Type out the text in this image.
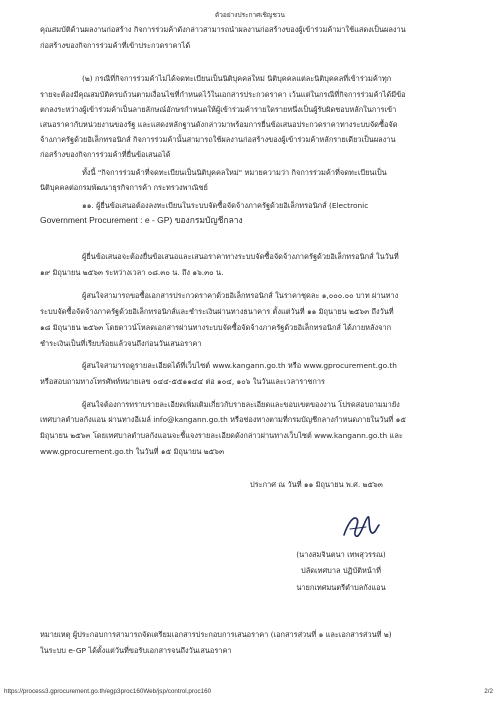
ตัวอย่างประกาศเชิญชวน

คุณสมบัติด้านผลงานก่อสร้าง กิจการร่วมค้าดังกล่าวสามารถนำผลงานก่อสร้างของผู้เข้าร่วมค้ามาใช้แสดงเป็นผลงาน

ก่อสร้างของกิจการร่วมค้าที่เข้าประกวดราคาได้

(๒) กรณีที่กิจการร่วมค้าไม่ได้จดทะเบียนเป็นนิติบุคคลใหม่ นิติบุคคลแต่ละนิติบุคคลที่เข้าร่วมค้าทุก

รายจะต้องมีคุณสมบัติครบถ้วนตามเงื่อนไขที่กำหนดไว้ในเอกสารประกวดราคา เว้นแต่ในกรณีที่กิจการร่วมค้าได้มีข้อ

ตกลงระหว่างผู้เข้าร่วมค้าเป็นลายลักษณ์อักษรกำหนดให้ผู้เข้าร่วมค้ารายใดรายหนึ่งเป็นผู้รับผิดชอบหลักในการเข้า

เสนอราคากับหน่วยงานของรัฐ และแสดงหลักฐานดังกล่าวมาพร้อมการยื่นข้อเสนอประกวดราคาทางระบบจัดซื้อจัด

จ้างภาครัฐด้วยอิเล็กทรอนิกส์ กิจการร่วมค้านั้นสามารถใช้ผลงานก่อสร้างของผู้เข้าร่วมค้าหลักรายเดียวเป็นผลงาน

ก่อสร้างของกิจการร่วมค้าที่ยื่นข้อเสนอได้

ทั้งนี้ "กิจการร่วมค้าที่จดทะเบียนเป็นนิติบุคคลใหม่" หมายความว่า กิจการร่วมค้าที่จดทะเบียนเป็น

นิติบุคคลต่อกรมพัฒนาธุรกิจการค้า กระทรวงพาณิชย์

๑๑. ผู้ยื่นข้อเสนอต้องลงทะเบียนในระบบจัดซื้อจัดจ้างภาครัฐด้วยอิเล็กทรอนิกส์ (Electronic

Government Procurement : e - GP) ของกรมบัญชีกลาง

ผู้ยื่นข้อเสนอจะต้องยื่นข้อเสนอและเสนอราคาทางระบบจัดซื้อจัดจ้างภาครัฐด้วยอิเล็กทรอนิกส์ ในวันที่

๑๙ มิถุนายน ๒๕๖๓ ระหว่างเวลา ๐๘.๓๐ น. ถึง ๑๖.๓๐ น.

ผู้สนใจสามารถขอซื้อเอกสารประกวดราคาด้วยอิเล็กทรอนิกส์ ในราคาชุดละ ๑,๐๐๐.๐๐ บาท ผ่านทาง

ระบบจัดซื้อจัดจ้างภาครัฐด้วยอิเล็กทรอนิกส์และชำระเงินผ่านทางธนาคาร ตั้งแต่วันที่ ๑๑ มิถุนายน ๒๕๖๓ ถึงวันที่

๑๘ มิถุนายน ๒๕๖๓ โดยดาวน์โหลดเอกสารผ่านทางระบบจัดซื้อจัดจ้างภาครัฐด้วยอิเล็กทรอนิกส์ ได้ภายหลังจาก

ชำระเงินเป็นที่เรียบร้อยแล้วจนถึงก่อนวันเสนอราคา

ผู้สนใจสามารถดูรายละเอียดได้ที่เว็บไซต์ www.kangann.go.th หรือ www.gprocurement.go.th

หรือสอบถามทางโทรศัพท์หมายเลข ๐๔๔-๕๕๑๑๔๔ ต่อ ๑๐๔, ๑๐๖ ในวันและเวลาราชการ

ผู้สนใจต้องการทราบรายละเอียดเพิ่มเติมเกี่ยวกับรายละเอียดและขอบเขตของงาน โปรดสอบถามมายัง

เทศบาลตำบลกังแอน ผ่านทางอีเมล์ info@kangann.go.th หรือช่องทางตามที่กรมบัญชีกลางกำหนดภายในวันที่ ๑๕

มิถุนายน ๒๕๖๓ โดยเทศบาลตำบลกังแอนจะชี้แจงรายละเอียดดังกล่าวผ่านทางเว็บไซต์ www.kangann.go.th และ

www.gprocurement.go.th ในวันที่ ๑๕ มิถุนายน ๒๕๖๓

ประกาศ ณ วันที่ ๑๑ มิถุนายน พ.ศ. ๒๕๖๓

(นางสมจินตนา เทพสุวรรณ)
ปลัดเทศบาล ปฏิบัติหน้าที่
นายกเทศมนตรีตำบลกังแอน

หมายเหตุ ผู้ประกอบการสามารถจัดเตรียมเอกสารประกอบการเสนอราคา (เอกสารส่วนที่ ๑ และเอกสารส่วนที่ ๒)

ในระบบ e-GP ได้ตั้งแต่วันที่ขอรับเอกสารจนถึงวันเสนอราคา

https://process3.gprocurement.go.th/egp3proc160Web/jsp/control.proc160	2/2
